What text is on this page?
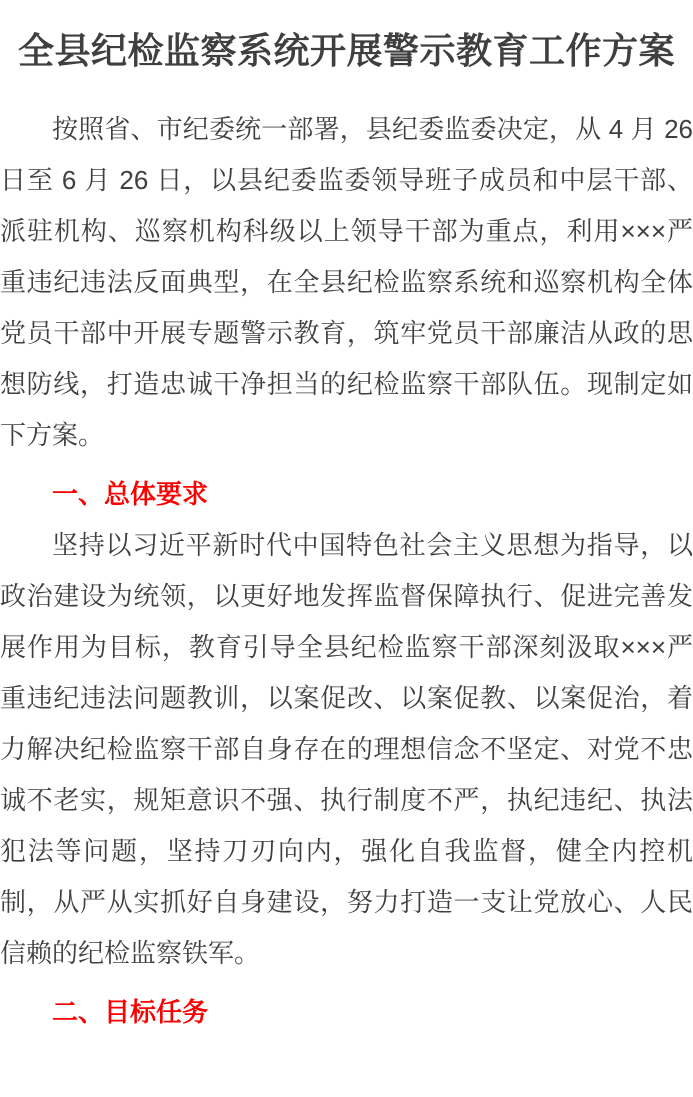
全县纪检监察系统开展警示教育工作方案

按照省、市纪委统一部署，县纪委监委决定，从 4 月 26 日至 6 月 26 日，以县纪委监委领导班子成员和中层干部、派驻机构、巡察机构科级以上领导干部为重点，利用×××严重违纪违法反面典型，在全县纪检监察系统和巡察机构全体党员干部中开展专题警示教育，筑牢党员干部廉洁从政的思想防线，打造忠诚干净担当的纪检监察干部队伍。现制定如下方案。

一、总体要求

坚持以习近平新时代中国特色社会主义思想为指导，以政治建设为统领，以更好地发挥监督保障执行、促进完善发展作用为目标，教育引导全县纪检监察干部深刻汲取×××严重违纪违法问题教训，以案促改、以案促教、以案促治，着力解决纪检监察干部自身存在的理想信念不坚定、对党不忠诚不老实，规矩意识不强、执行制度不严，执纪违纪、执法犯法等问题，坚持刀刃向内，强化自我监督，健全内控机制，从严从实抓好自身建设，努力打造一支让党放心、人民信赖的纪检监察铁军。

二、目标任务
